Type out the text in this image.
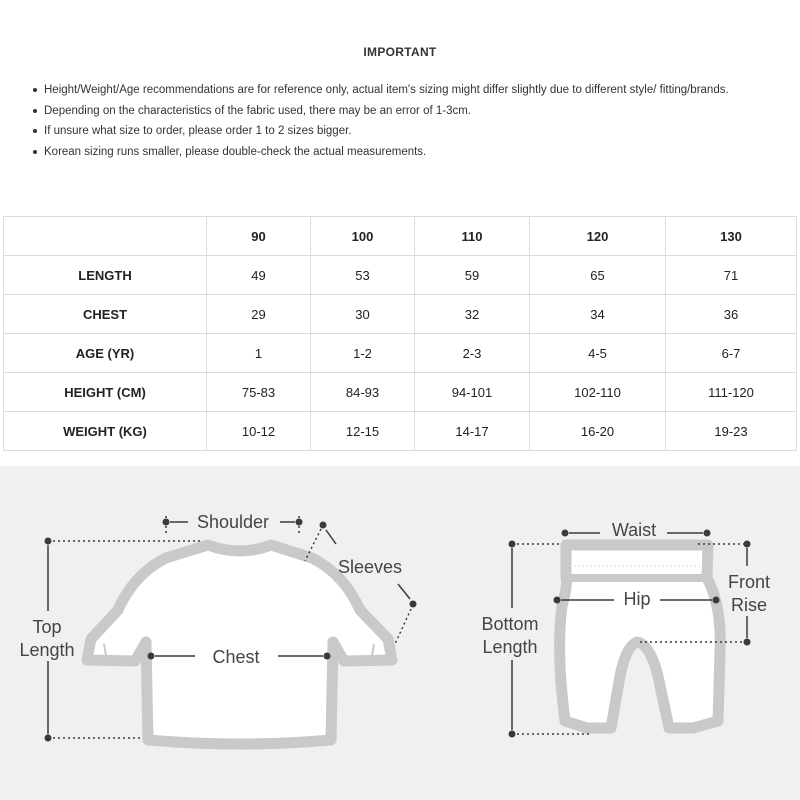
IMPORTANT
Height/Weight/Age recommendations are for reference only, actual item's sizing might differ slightly due to different style/ fitting/brands.
Depending on the characteristics of the fabric used, there may be an error of 1-3cm.
If unsure what size to order, please order 1 to 2 sizes bigger.
Korean sizing runs smaller, please double-check the actual measurements.
	90	100	110	120	130
LENGTH	49	53	59	65	71
CHEST	29	30	32	34	36
AGE (YR)	1	1-2	2-3	4-5	6-7
HEIGHT (CM)	75-83	84-93	94-101	102-110	111-120
WEIGHT (KG)	10-12	12-15	14-17	16-20	19-23
Shoulder
Sleeves
Chest
Top
Length
Waist
Hip
Front
Rise
Bottom
Length
